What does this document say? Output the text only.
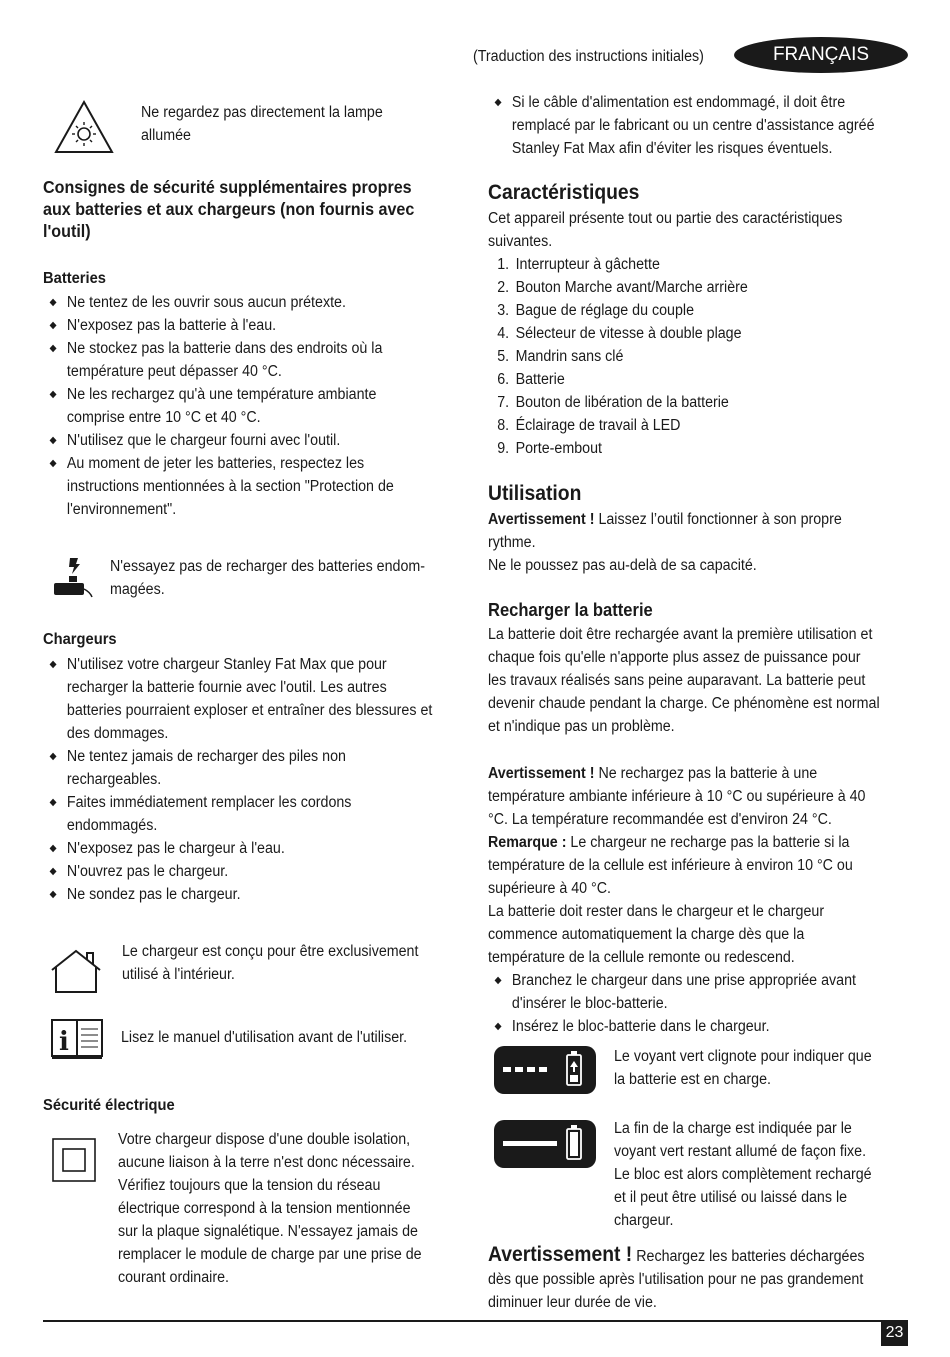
(Traduction des instructions initiales)	FRANÇAIS
Ne regardez pas directement la lampe
allumée
Consignes de sécurité supplémentaires propres
aux batteries et aux chargeurs (non fournis avec
l'outil)
Batteries
◆ Ne tentez de les ouvrir sous aucun prétexte.
◆ N'exposez pas la batterie à l'eau.
◆ Ne stockez pas la batterie dans des endroits où la
température peut dépasser 40 °C.
◆ Ne les rechargez qu'à une température ambiante
comprise entre 10 °C et 40 °C.
◆ N'utilisez que le chargeur fourni avec l'outil.
◆ Au moment de jeter les batteries, respectez les
instructions mentionnées à la section "Protection de
l'environnement".
N'essayez pas de recharger des batteries endom-
magées.
Chargeurs
◆ N'utilisez votre chargeur Stanley Fat Max que pour
recharger la batterie fournie avec l'outil. Les autres
batteries pourraient exploser et entraîner des blessures et
des dommages.
◆ Ne tentez jamais de recharger des piles non
rechargeables.
◆ Faites immédiatement remplacer les cordons
endommagés.
◆ N'exposez pas le chargeur à l'eau.
◆ N'ouvrez pas le chargeur.
◆ Ne sondez pas le chargeur.
Le chargeur est conçu pour être exclusivement
utilisé à l'intérieur.
i	Lisez le manuel d'utilisation avant de l'utiliser.
Sécurité électrique
Votre chargeur dispose d'une double isolation,
aucune liaison à la terre n'est donc nécessaire.
Vérifiez toujours que la tension du réseau
électrique correspond à la tension mentionnée
sur la plaque signalétique. N'essayez jamais de
remplacer le module de charge par une prise de
courant ordinaire.
◆ Si le câble d'alimentation est endommagé, il doit être
remplacé par le fabricant ou un centre d'assistance agréé
Stanley Fat Max afin d'éviter les risques éventuels.
Caractéristiques
Cet appareil présente tout ou partie des caractéristiques
suivantes.
1. Interrupteur à gâchette
2. Bouton Marche avant/Marche arrière
3. Bague de réglage du couple
4. Sélecteur de vitesse à double plage
5. Mandrin sans clé
6. Batterie
7. Bouton de libération de la batterie
8. Éclairage de travail à LED
9. Porte-embout
Utilisation
Avertissement ! Laissez l’outil fonctionner à son propre
rythme.
Ne le poussez pas au-delà de sa capacité.
Recharger la batterie
La batterie doit être rechargée avant la première utilisation et
chaque fois qu'elle n'apporte plus assez de puissance pour
les travaux réalisés sans peine auparavant. La batterie peut
devenir chaude pendant la charge. Ce phénomène est normal
et n'indique pas un problème.
Avertissement ! Ne rechargez pas la batterie à une
température ambiante inférieure à 10 °C ou supérieure à 40
°C. La température recommandée est d'environ 24 °C.
Remarque : Le chargeur ne recharge pas la batterie si la
température de la cellule est inférieure à environ 10 °C ou
supérieure à 40 °C.
La batterie doit rester dans le chargeur et le chargeur
commence automatiquement la charge dès que la
température de la cellule remonte ou redescend.
◆ Branchez le chargeur dans une prise appropriée avant
d'insérer le bloc-batterie.
◆ Insérez le bloc-batterie dans le chargeur.
Le voyant vert clignote pour indiquer que
la batterie est en charge.
La fin de la charge est indiquée par le
voyant vert restant allumé de façon fixe.
Le bloc est alors complètement rechargé
et il peut être utilisé ou laissé dans le
chargeur.
Avertissement ! Rechargez les batteries déchargées
dès que possible après l'utilisation pour ne pas grandement
diminuer leur durée de vie.
23
